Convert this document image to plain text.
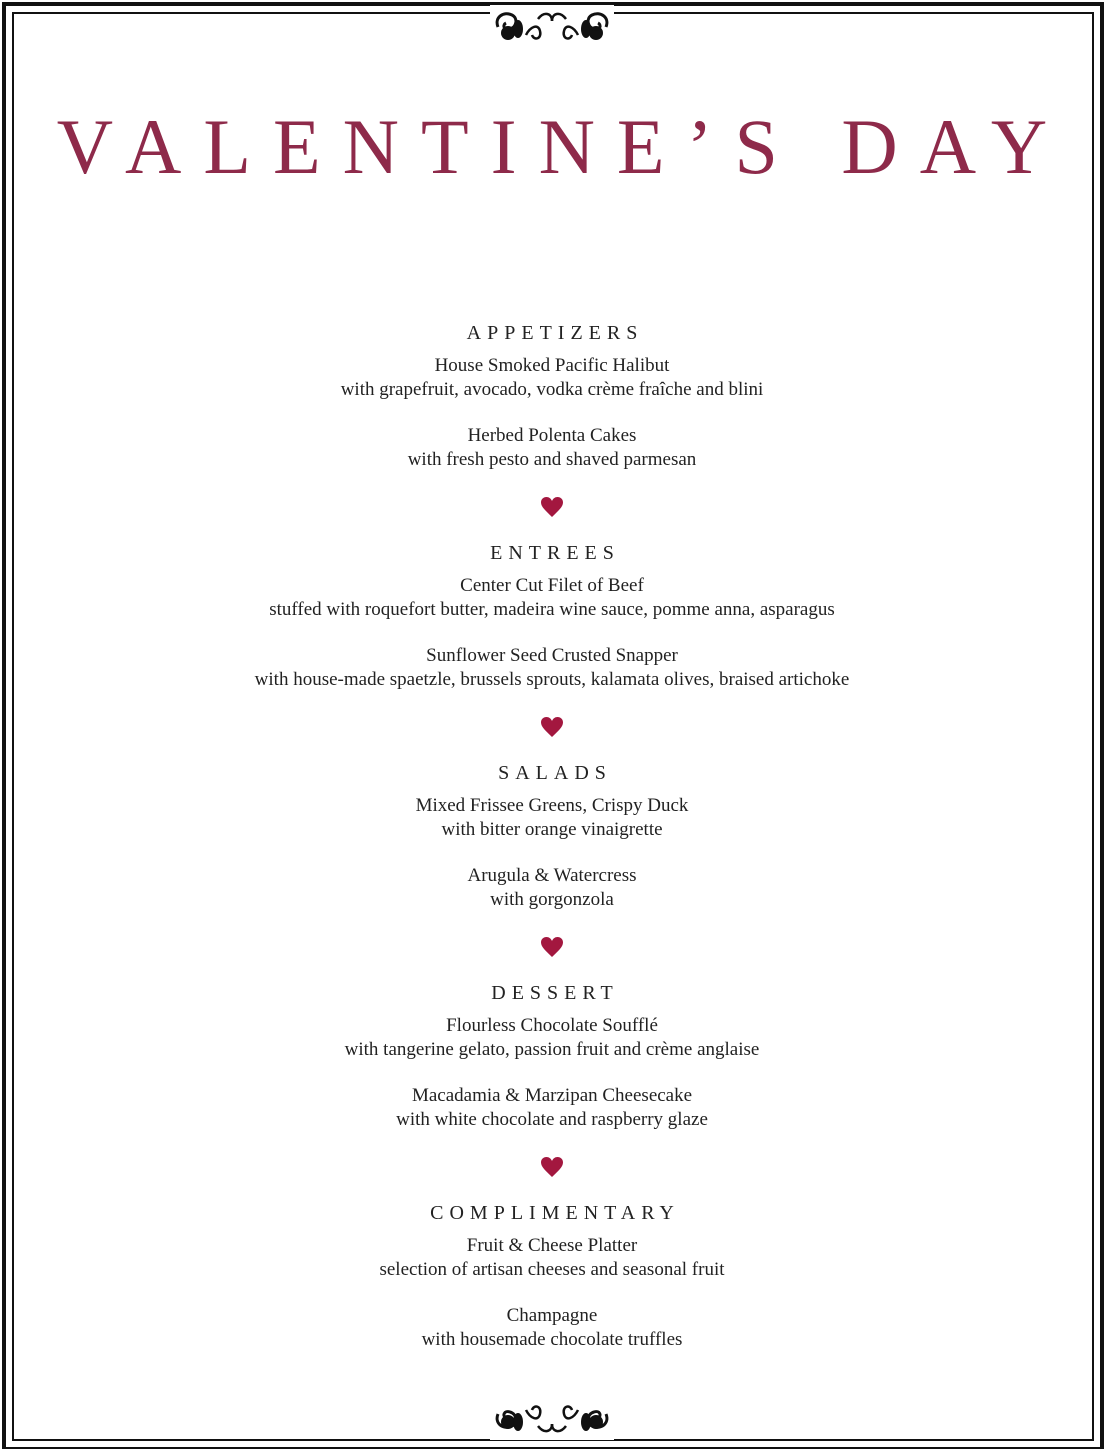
VALENTINE’S DAY
APPETIZERS
House Smoked Pacific Halibut
with grapefruit, avocado, vodka crème fraîche and blini
Herbed Polenta Cakes
with fresh pesto and shaved parmesan
ENTREES
Center Cut Filet of Beef
stuffed with roquefort butter, madeira wine sauce, pomme anna, asparagus
Sunflower Seed Crusted Snapper
with house-made spaetzle, brussels sprouts, kalamata olives, braised artichoke
SALADS
Mixed Frissee Greens, Crispy Duck
with bitter orange vinaigrette
Arugula & Watercress
with gorgonzola
DESSERT
Flourless Chocolate Soufflé
with tangerine gelato, passion fruit and crème anglaise
Macadamia & Marzipan Cheesecake
with white chocolate and raspberry glaze
COMPLIMENTARY
Fruit & Cheese Platter
selection of artisan cheeses and seasonal fruit
Champagne
with housemade chocolate truffles
